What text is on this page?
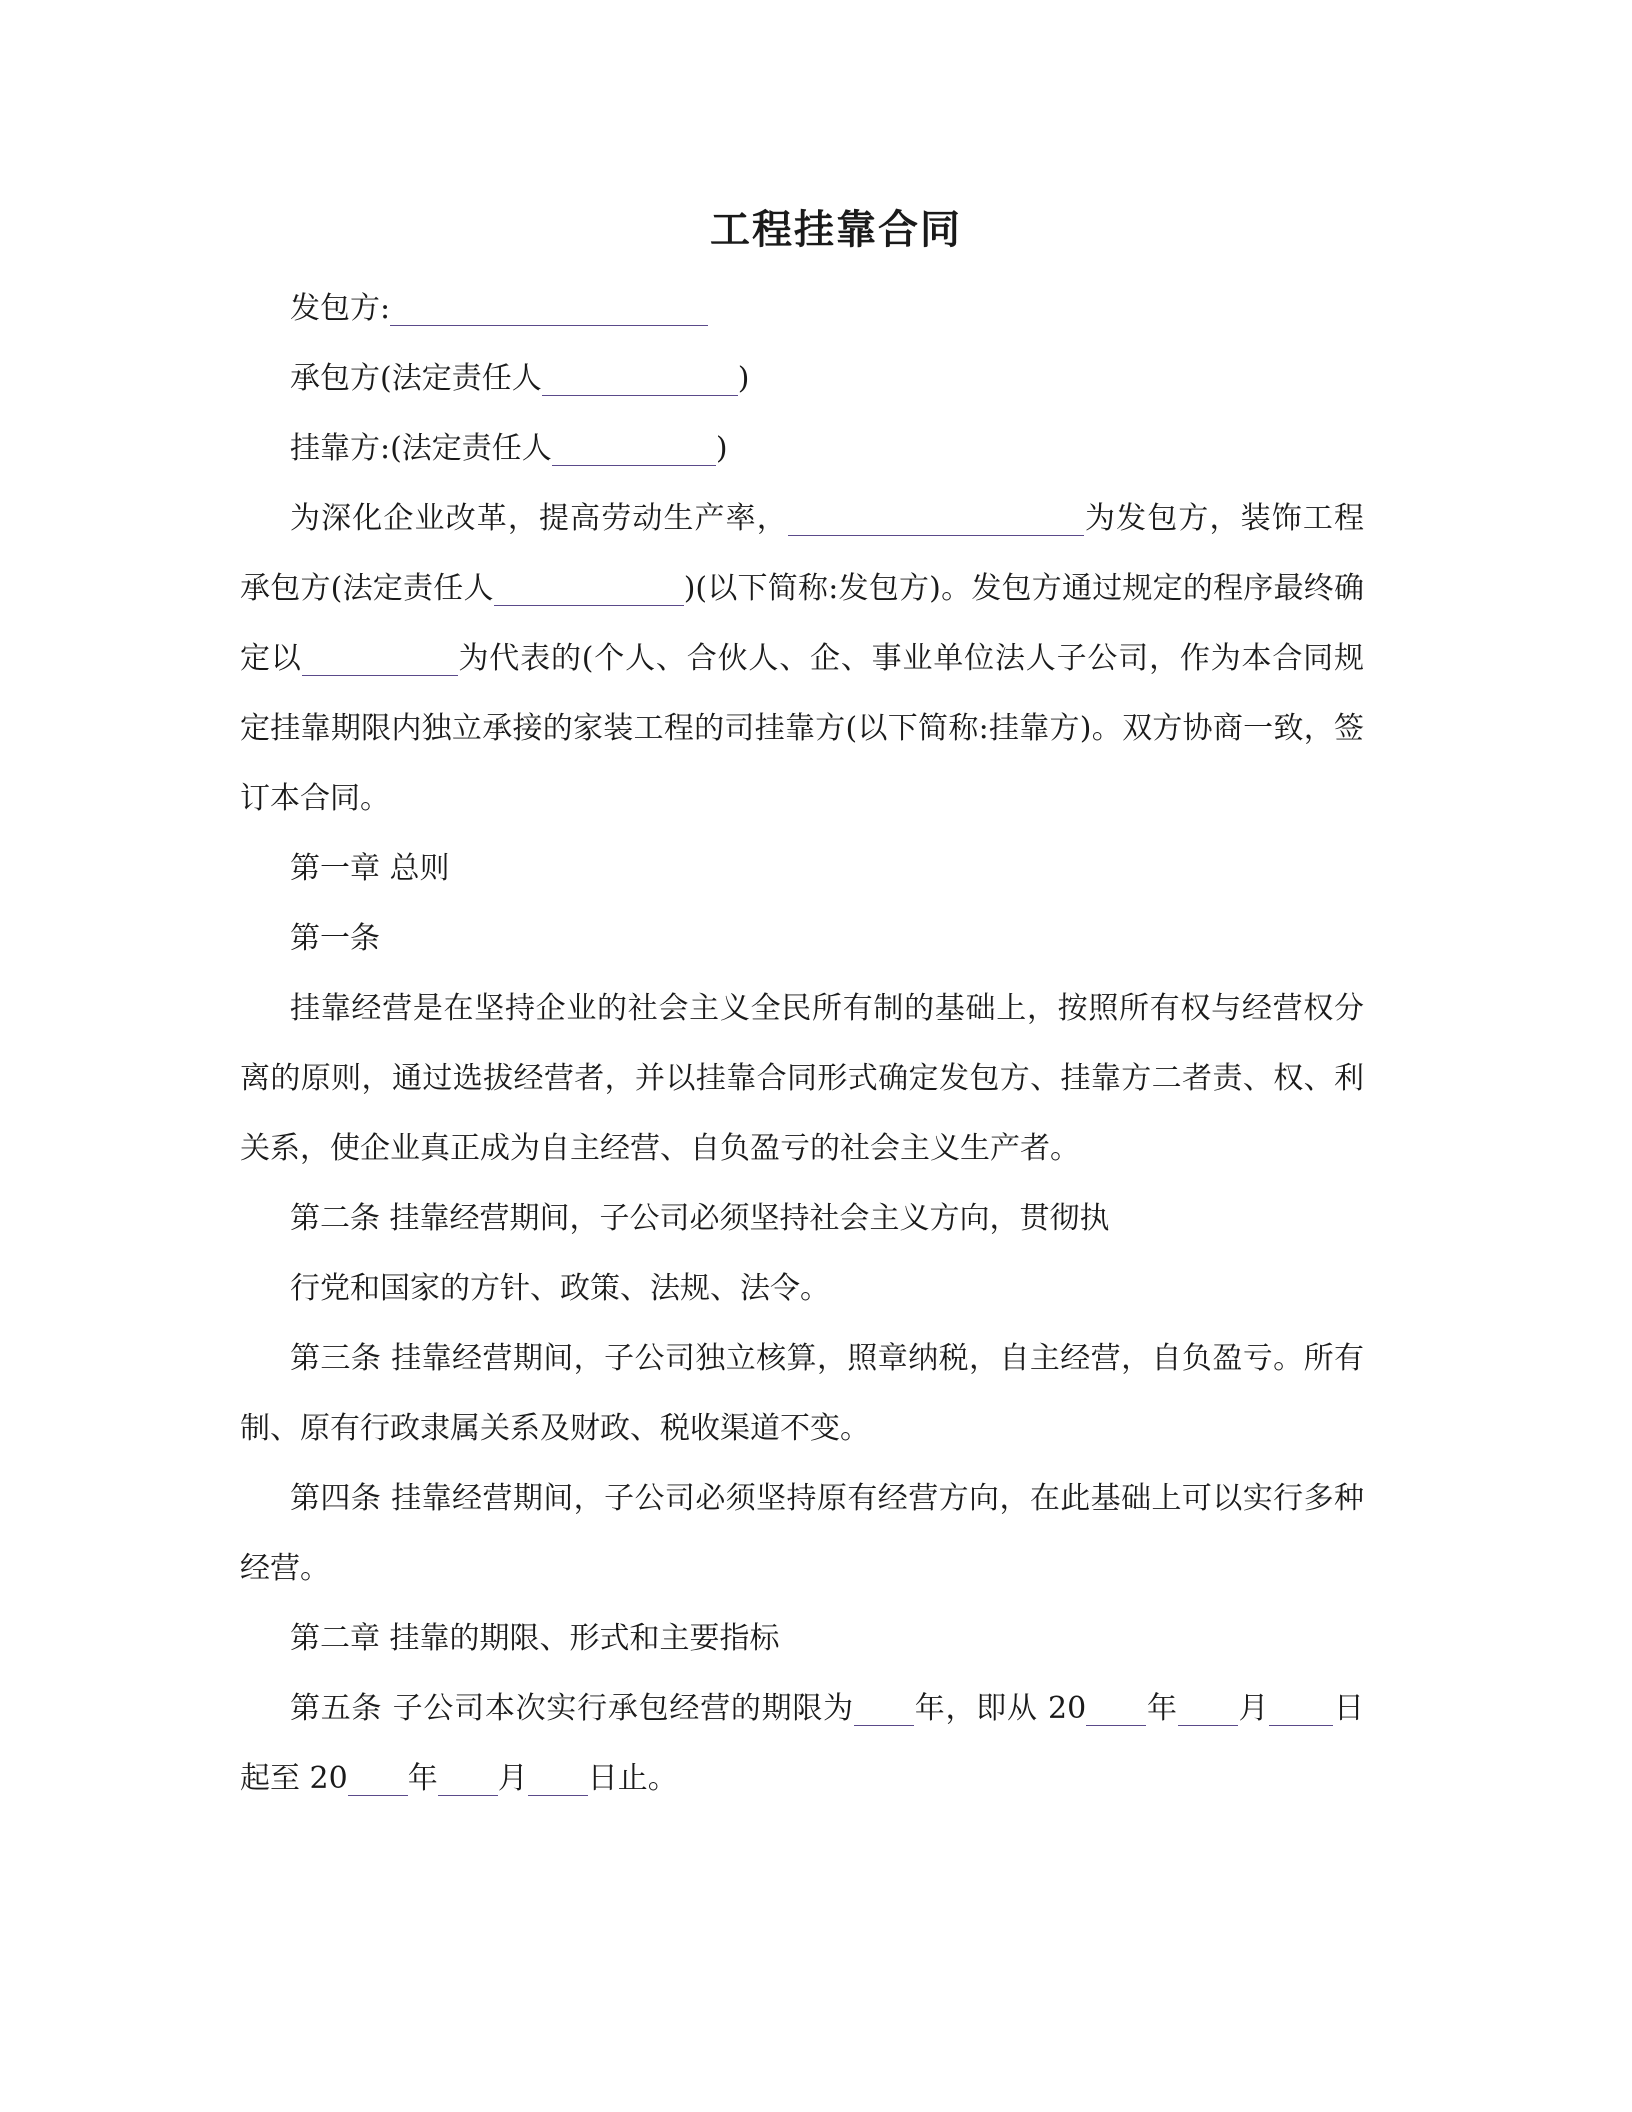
工程挂靠合同

发包方:

承包方(法定责任人	)

挂靠方:(法定责任人	)

为深化企业改革，提高劳动生产率，	为发包方，装饰工程承包方(法定责任人	)(以下简称:发包方)。发包方通过规定的程序最终确定以	为代表的(个人、合伙人、企、事业单位法人子公司，作为本合同规定挂靠期限内独立承接的家装工程的司挂靠方(以下简称:挂靠方)。双方协商一致，签订本合同。

第一章 总则

第一条

挂靠经营是在坚持企业的社会主义全民所有制的基础上，按照所有权与经营权分离的原则，通过选拔经营者，并以挂靠合同形式确定发包方、挂靠方二者责、权、利关系，使企业真正成为自主经营、自负盈亏的社会主义生产者。

第二条 挂靠经营期间，子公司必须坚持社会主义方向，贯彻执

行党和国家的方针、政策、法规、法令。

第三条 挂靠经营期间，子公司独立核算，照章纳税，自主经营，自负盈亏。所有制、原有行政隶属关系及财政、税收渠道不变。

第四条 挂靠经营期间，子公司必须坚持原有经营方向，在此基础上可以实行多种经营。

第二章 挂靠的期限、形式和主要指标

第五条 子公司本次实行承包经营的期限为 年，即从 20 年 月 日起至 20 年 月 日止。
